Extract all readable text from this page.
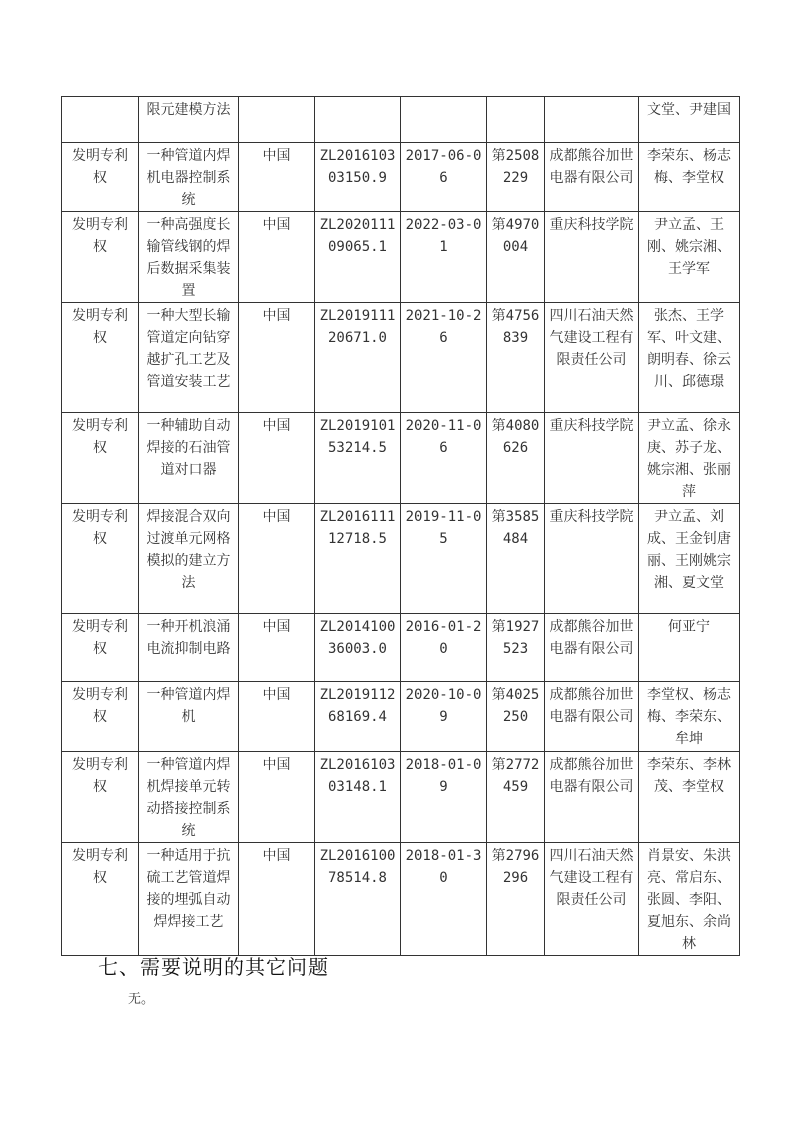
	限元建模方法						文堂、尹建国
发明专利权	一种管道内焊机电器控制系统	中国	ZL201610303150.9	2017-06-06	第2508229	成都熊谷加世电器有限公司	李荣东、杨志梅、李堂权
发明专利权	一种高强度长输管线钢的焊后数据采集装置	中国	ZL202011109065.1	2022-03-01	第4970004	重庆科技学院	尹立孟、王刚、姚宗湘、王学军
发明专利权	一种大型长输管道定向钻穿越扩孔工艺及管道安装工艺	中国	ZL201911120671.0	2021-10-26	第4756839	四川石油天然气建设工程有限责任公司	张杰、王学军、叶文建、朗明春、徐云川、邱德璟
发明专利权	一种辅助自动焊接的石油管道对口器	中国	ZL201910153214.5	2020-11-06	第4080626	重庆科技学院	尹立孟、徐永庚、苏子龙、姚宗湘、张丽萍
发明专利权	焊接混合双向过渡单元网格模拟的建立方法	中国	ZL201611112718.5	2019-11-05	第3585484	重庆科技学院	尹立孟、刘成、王金钊唐丽、王刚姚宗湘、夏文堂
发明专利权	一种开机浪涌电流抑制电路	中国	ZL201410036003.0	2016-01-20	第1927523	成都熊谷加世电器有限公司	何亚宁
发明专利权	一种管道内焊机	中国	ZL201911268169.4	2020-10-09	第4025250	成都熊谷加世电器有限公司	李堂权、杨志梅、李荣东、牟坤
发明专利权	一种管道内焊机焊接单元转动搭接控制系统	中国	ZL201610303148.1	2018-01-09	第2772459	成都熊谷加世电器有限公司	李荣东、李林茂、李堂权
发明专利权	一种适用于抗硫工艺管道焊接的埋弧自动焊焊接工艺	中国	ZL201610078514.8	2018-01-30	第2796296	四川石油天然气建设工程有限责任公司	肖景安、朱洪亮、常启东、张圆、李阳、夏旭东、余尚林
七、需要说明的其它问题
无。
